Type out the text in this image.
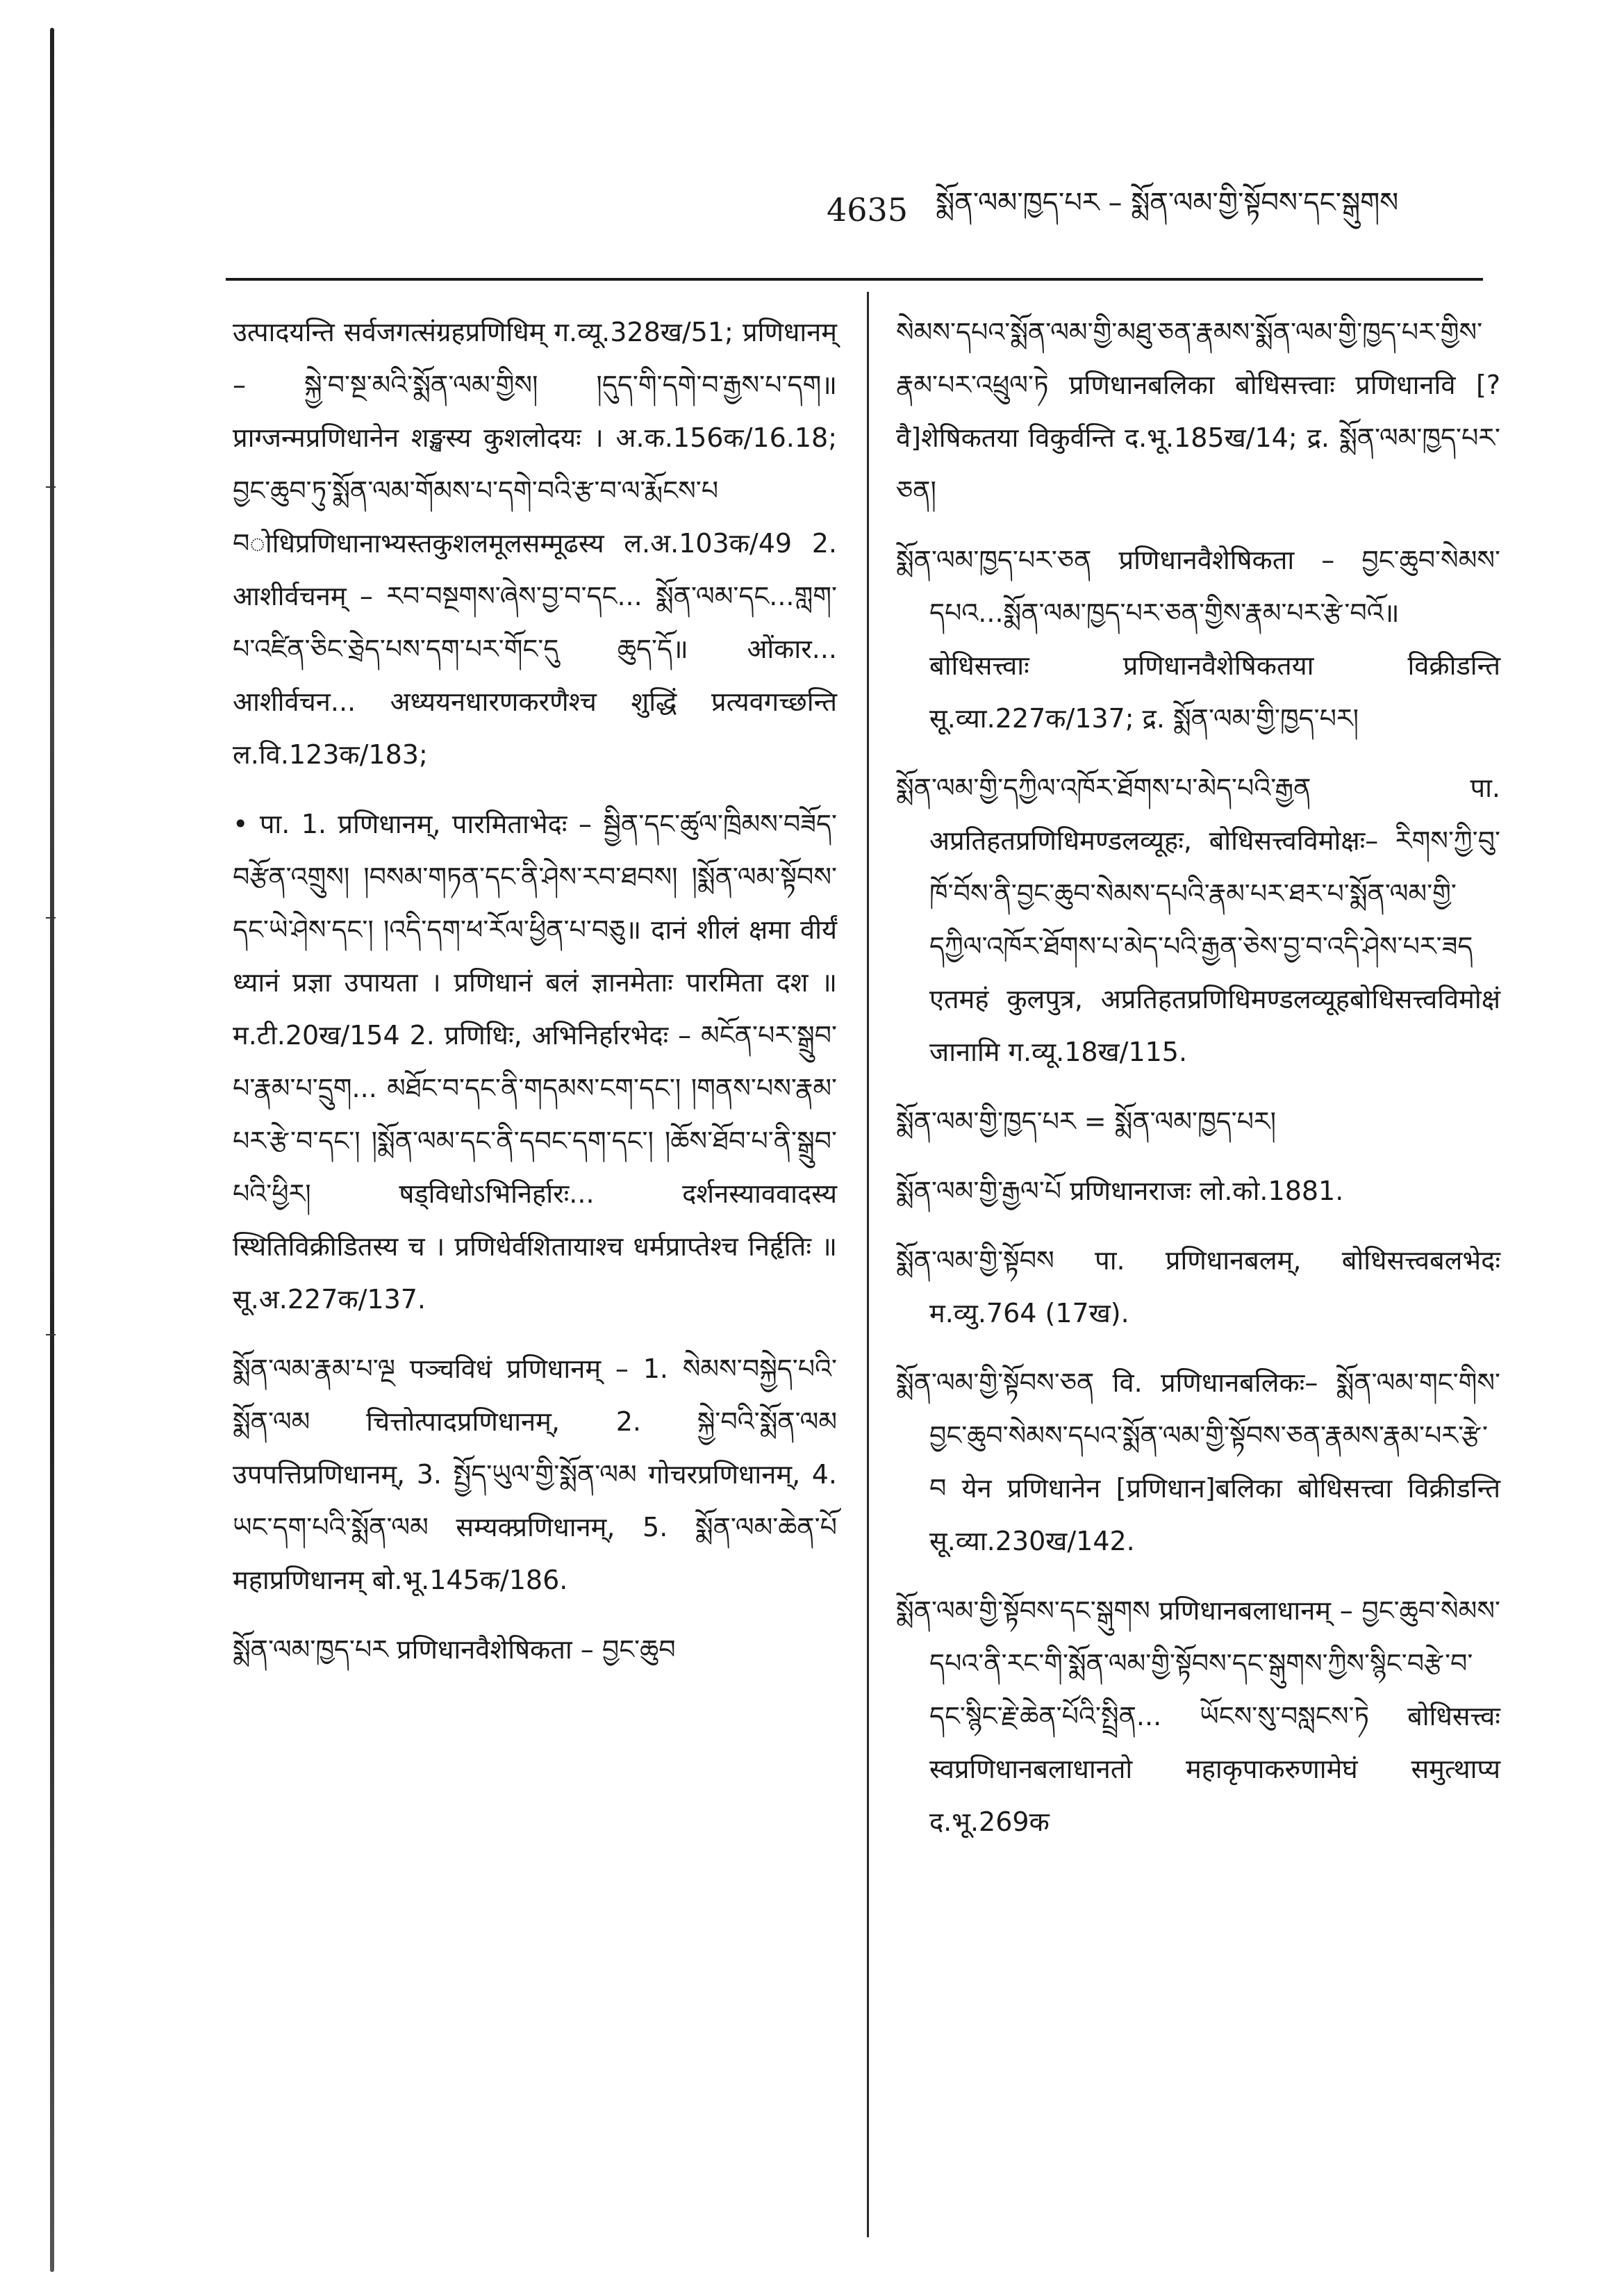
4635 སྨོན་ལམ་ཁྱད་པར – སྨོན་ལམ་གྱི་སྟོབས་དང་སྒུགས

उत्पादयन्ति सर्वजगत्संग्रहप्रणिधिम् ग.व्यू.328ख/51; प्रणिधानम् – སྐྱེ་བ་སྔ་མའི་སྨོན་ལམ་གྱིས། །དུད་གི་དགེ་བ་རྒྱས་པ་དག॥ प्राग्जन्मप्रणिधानेन शङ्खस्य कुशलोदयः । अ.क.156क/16.18; བྱང་ཆུབ་ཏུ་སྨོན་ལམ་གོམས་པ་དགེ་བའི་རྩ་བ་ལ་རྨོངས་པ བोधिप्रणिधानाभ्यस्तकुशलमूलसम्मूढस्य ल.अ.103क/49 2. आशीर्वचनम् – རབ་བསྔགས་ཞེས་བྱ་བ་དང... སྨོན་ལམ་དང...གླག་པ་འཛིན་ཅིང་ཅྲེད་པས་དག་པར་གོང་དུ ཆུད་དོ॥ ओंकार... आशीर्वचन... अध्ययनधारणकरणैश्च शुद्धिं प्रत्यवगच्छन्ति ल.वि.123क/183;

• पा. 1. प्रणिधानम्, पारमिताभेदः – སྦྱིན་དང་ཚུལ་ཁྲིམས་བཟོད་བརྩོན་འགྲུས། །བསམ་གཏན་དང་ནི་ཤེས་རབ་ཐབས། །སྨོན་ལམ་སྟོབས་དང་ཡེ་ཤེས་དང་། །འདི་དག་ཕ་རོལ་ཕྱིན་པ་བཅུ॥ दानं शीलं क्षमा वीर्यं ध्यानं प्रज्ञा उपायता । प्रणिधानं बलं ज्ञानमेताः पारमिता दश ॥ म.टी.20ख/154 2. प्रणिधिः, अभिनिर्हारभेदः – མངོན་པར་སྒྲུབ་པ་རྣམ་པ་དྲུག... མཐོང་བ་དང་ནི་གདམས་ངག་དང་། །གནས་པས་རྣམ་པར་རྩེ་བ་དང་། །སྨོན་ལམ་དང་ནི་དབང་དག་དང་། །ཆོས་ཐོབ་པ་ནི་སྒྲུབ་པའི་ཕྱིར། षड्विधोऽभिनिर्हारः... दर्शनस्याववादस्य स्थितिविक्रीडितस्य च । प्रणिधेर्वशितायाश्च धर्मप्राप्तेश्च निर्हृतिः ॥ सू.अ.227क/137.

སྨོན་ལམ་རྣམ་པ་ལྔ पञ्चविधं प्रणिधानम् – 1. སེམས་བསྐྱེད་པའི་སྨོན་ལམ चित्तोत्पादप्रणिधानम्, 2. སྐྱེ་བའི་སྨོན་ལམ उपपत्तिप्रणिधानम्, 3. སྤྱོད་ཡུལ་གྱི་སྨོན་ལམ गोचरप्रणिधानम्, 4. ཡང་དག་པའི་སྨོན་ལམ सम्यक्प्रणिधानम्, 5. སྨོན་ལམ་ཆེན་པོ महाप्रणिधानम् बो.भू.145क/186.

སྨོན་ལམ་ཁྱད་པར प्रणिधानवैशेषिकता – བྱང་ཆུབ

སེམས་དཔའ་སྨོན་ལམ་གྱི་མཐུ་ཅན་རྣམས་སྨོན་ལམ་གྱི་ཁྱད་པར་གྱིས་རྣམ་པར་འཕྲུལ་ཏེ प्रणिधानबलिका बोधिसत्त्वाः प्रणिधानवि [?वै]शेषिकतया विकुर्वन्ति द.भू.185ख/14; द्र. སྨོན་ལམ་ཁྱད་པར་ཅན།

སྨོན་ལམ་ཁྱད་པར་ཅན प्रणिधानवैशेषिकता – བྱང་ཆུབ་སེམས་དཔའ...སྨོན་ལམ་ཁྱད་པར་ཅན་གྱིས་རྣམ་པར་རྩེ་བའོ॥ बोधिसत्त्वाः प्रणिधानवैशेषिकतया विक्रीडन्ति सू.व्या.227क/137; द्र. སྨོན་ལམ་གྱི་ཁྱད་པར།

སྨོན་ལམ་གྱི་དཀྱིལ་འཁོར་ཐོགས་པ་མེད་པའི་རྒྱན पा. अप्रतिहतप्रणिधिमण्डलव्यूहः, बोधिसत्त्वविमोक्षः– རིགས་ཀྱི་བུ་ཁོ་བོས་ནི་བྱང་ཆུབ་སེམས་དཔའི་རྣམ་པར་ཐར་པ་སྨོན་ལམ་གྱི་དཀྱིལ་འཁོར་ཐོགས་པ་མེད་པའི་རྒྱན་ཅེས་བྱ་བ་འདི་ཤེས་པར་ཟད एतमहं कुलपुत्र, अप्रतिहतप्रणिधिमण्डलव्यूहबोधिसत्त्वविमोक्षं जानामि ग.व्यू.18ख/115.

སྨོན་ལམ་གྱི་ཁྱད་པར = སྨོན་ལམ་ཁྱད་པར།

སྨོན་ལམ་གྱི་རྒྱལ་པོ प्रणिधानराजः लो.को.1881.

སྨོན་ལམ་གྱི་སྟོབས पा. प्रणिधानबलम्, बोधिसत्त्वबलभेदः म.व्यु.764 (17ख).

སྨོན་ལམ་གྱི་སྟོབས་ཅན वि. प्रणिधानबलिकः– སྨོན་ལམ་གང་གིས་བྱང་ཆུབ་སེམས་དཔའ་སྨོན་ལམ་གྱི་སྟོབས་ཅན་རྣམས་རྣམ་པར་རྩེ་བ येन प्रणिधानेन [प्रणिधान]बलिका बोधिसत्त्वा विक्रीडन्ति सू.व्या.230ख/142.

སྨོན་ལམ་གྱི་སྟོབས་དང་སྒུགས प्रणिधानबलाधानम् – བྱང་ཆུབ་སེམས་དཔའ་ནི་རང་གི་སྨོན་ལམ་གྱི་སྟོབས་དང་སྒུགས་ཀྱིས་སྙིང་བརྩེ་བ་དང་སྙིང་རྗེ་ཆེན་པོའི་སྤྲིན... ཡོངས་སུ་བསླངས་ཏེ बोधिसत्त्वः स्वप्रणिधानबलाधानतो महाकृपाकरुणामेघं समुत्थाप्य द.भू.269क
